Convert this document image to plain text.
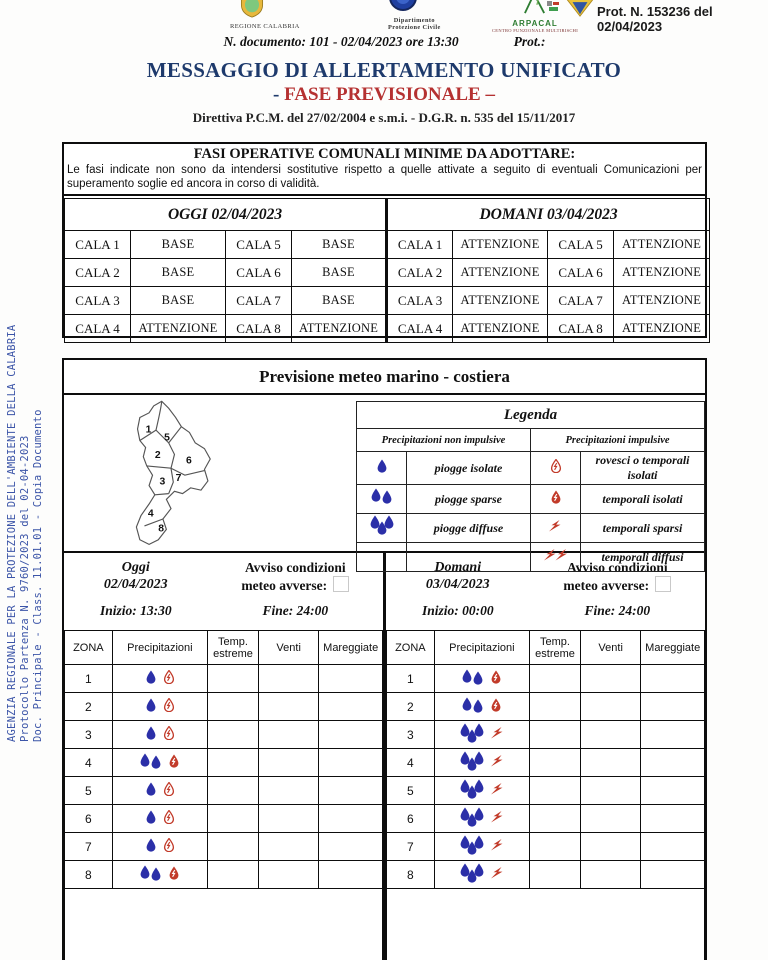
AGENZIA REGIONALE PER LA PROTEZIONE DELL'AMBIENTE DELLA CALABRIA Protocollo Partenza N. 9760/2023 del 02-04-2023 Doc. Principale - Class. 11.01.01 - Copia Documento
REGIONE CALABRIA
Dipartimento
Protezione Civile	ARPACAL
CENTRO FUNZIONALE MULTIRISCHI
Prot. N. 153236 del 02/04/2023
N. documento: 101 - 02/04/2023 ore 13:30	Prot.:
MESSAGGIO DI ALLERTAMENTO UNIFICATO
- FASE PREVISIONALE –
Direttiva P.C.M. del 27/02/2004 e s.m.i. - D.G.R. n. 535 del 15/11/2017
FASI OPERATIVE COMUNALI MINIME DA ADOTTARE:
Le fasi indicate non sono da intendersi sostitutive rispetto a quelle attivate a seguito di eventuali Comunicazioni per superamento soglie ed ancora in corso di validità.
OGGI 02/04/2023				DOMANI 03/04/2023			
CALA 1	BASE	CALA 5	BASE	CALA 1	ATTENZIONE	CALA 5	ATTENZIONE
CALA 2	BASE	CALA 6	BASE	CALA 2	ATTENZIONE	CALA 6	ATTENZIONE
CALA 3	BASE	CALA 7	BASE	CALA 3	ATTENZIONE	CALA 7	ATTENZIONE
CALA 4	ATTENZIONE	CALA 8	ATTENZIONE	CALA 4	ATTENZIONE	CALA 8	ATTENZIONE
Previsione meteo marino - costiera
1
5
2
6
3 7
4
8
Legenda			
Precipitazioni non impulsive		Precipitazioni impulsive	
	piogge isolate		rovesci o temporali isolati
	piogge sparse		temporali isolati
	piogge diffuse		temporali sparsi
			temporali diffusi
Oggi
02/04/2023
Avviso condizioni
meteo avverse:
Inizio: 13:30	Fine: 24:00
ZONA	Precipitazioni	Temp. estreme	Venti	Mareggiate
1				
2				
3				
4				
5				
6				
7				
8				

Domani
03/04/2023
Avviso condizioni
meteo avverse:
Inizio: 00:00	Fine: 24:00
ZONA	Precipitazioni	Temp. estreme	Venti	Mareggiate
1				
2				
3				
4				
5				
6				
7				
8				
